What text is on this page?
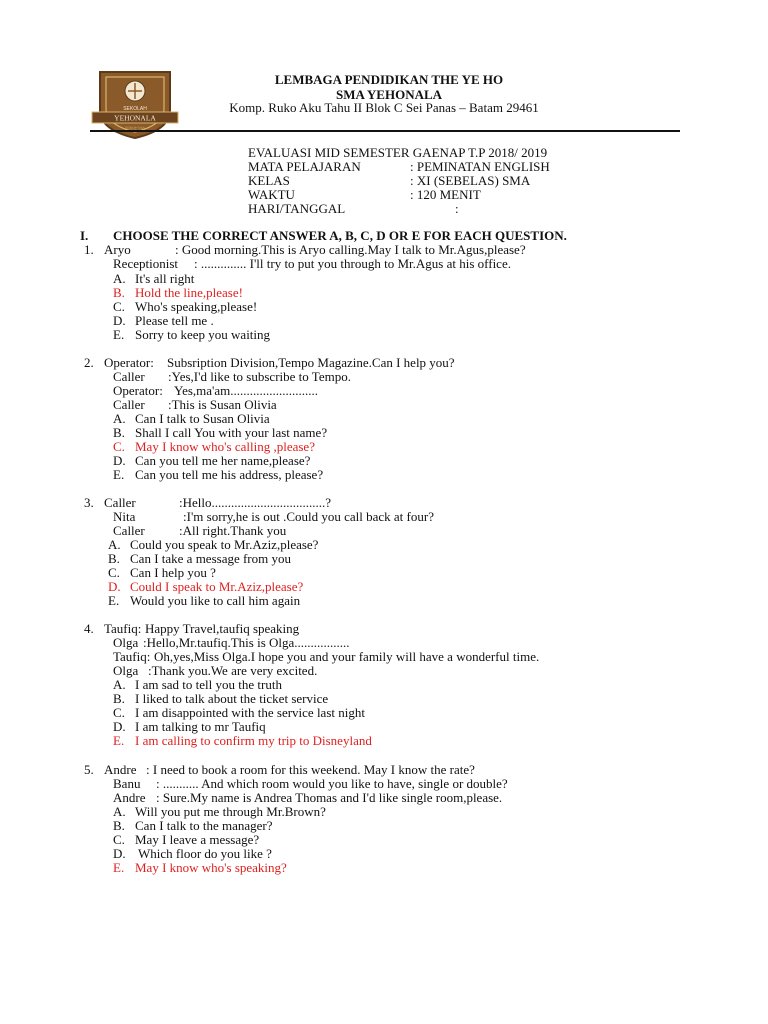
SEKOLAH
YEHONALA
耶和拿学校
LEMBAGA PENDIDIKAN THE YE HO
SMA YEHONALA
Komp. Ruko Aku Tahu II Blok C Sei Panas – Batam 29461
EVALUASI MID SEMESTER GAENAP T.P 2018/ 2019
MATA PELAJARAN	: PEMINATAN ENGLISH
KELAS	: XI (SEBELAS) SMA
WAKTU	: 120 MENIT
HARI/TANGGAL	:
I. CHOOSE THE CORRECT ANSWER A, B, C, D OR E FOR EACH QUESTION.
1. Aryo	: Good morning.This is Aryo calling.May I talk to Mr.Agus,please?
Receptionist : .............. I'll try to put you through to Mr.Agus at his office.
A. It's all right
B. Hold the line,please!
C. Who's speaking,please!
D. Please tell me .
E. Sorry to keep you waiting
2. Operator: Subsription Division,Tempo Magazine.Can I help you?
Caller :Yes,I'd like to subscribe to Tempo.
Operator: Yes,ma'am...........................
Caller :This is Susan Olivia
A. Can I talk to Susan Olivia
B. Shall I call You with your last name?
C. May I know who's calling ,please?
D. Can you tell me her name,please?
E. Can you tell me his address, please?
3. Caller	:Hello...................................?
Nita	:I'm sorry,he is out .Could you call back at four?
Caller	:All right.Thank you
A. Could you speak to Mr.Aziz,please?
B. Can I take a message from you
C. Can I help you ?
D. Could I speak to Mr.Aziz,please?
E. Would you like to call him again
4. Taufiq: Happy Travel,taufiq speaking
Olga :Hello,Mr.taufiq.This is Olga.................
Taufiq: Oh,yes,Miss Olga.I hope you and your family will have a wonderful time.
Olga :Thank you.We are very excited.
A. I am sad to tell you the truth
B. I liked to talk about the ticket service
C. I am disappointed with the service last night
D. I am talking to mr Taufiq
E. I am calling to confirm my trip to Disneyland
5. Andre : I need to book a room for this weekend. May I know the rate?
Banu : ........... And which room would you like to have, single or double?
Andre : Sure.My name is Andrea Thomas and I'd like single room,please.
A. Will you put me through Mr.Brown?
B. Can I talk to the manager?
C. May I leave a message?
D. Which floor do you like ?
E. May I know who's speaking?
